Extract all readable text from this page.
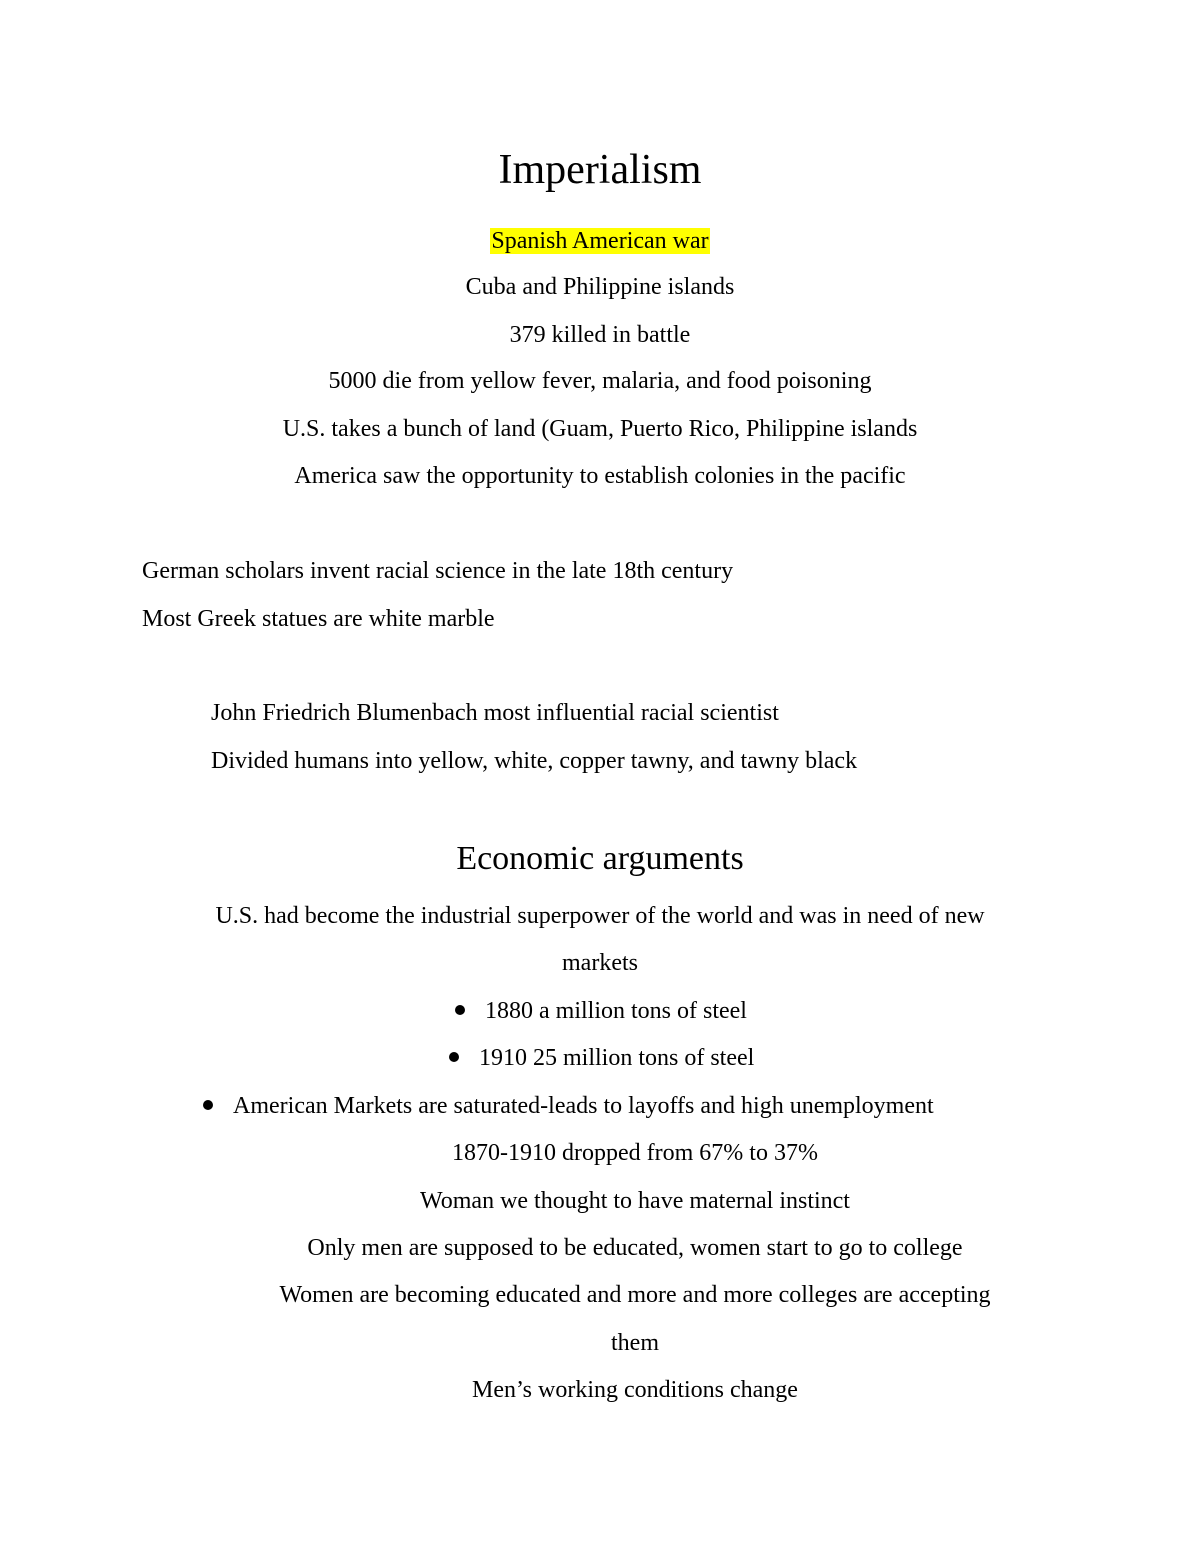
Imperialism
Spanish American war
Cuba and Philippine islands
379 killed in battle
5000 die from yellow fever, malaria, and food poisoning
U.S. takes a bunch of land (Guam, Puerto Rico, Philippine islands
America saw the opportunity to establish colonies in the pacific
German scholars invent racial science in the late 18th century
Most Greek statues are white marble
John Friedrich Blumenbach most influential racial scientist
Divided humans into yellow, white, copper tawny, and tawny black
Economic arguments
U.S. had become the industrial superpower of the world and was in need of new
markets
1880 a million tons of steel
1910 25 million tons of steel
American Markets are saturated-leads to layoffs and high unemployment
1870-1910 dropped from 67% to 37%
Woman we thought to have maternal instinct
Only men are supposed to be educated, women start to go to college
Women are becoming educated and more and more colleges are accepting
them
Men’s working conditions change
